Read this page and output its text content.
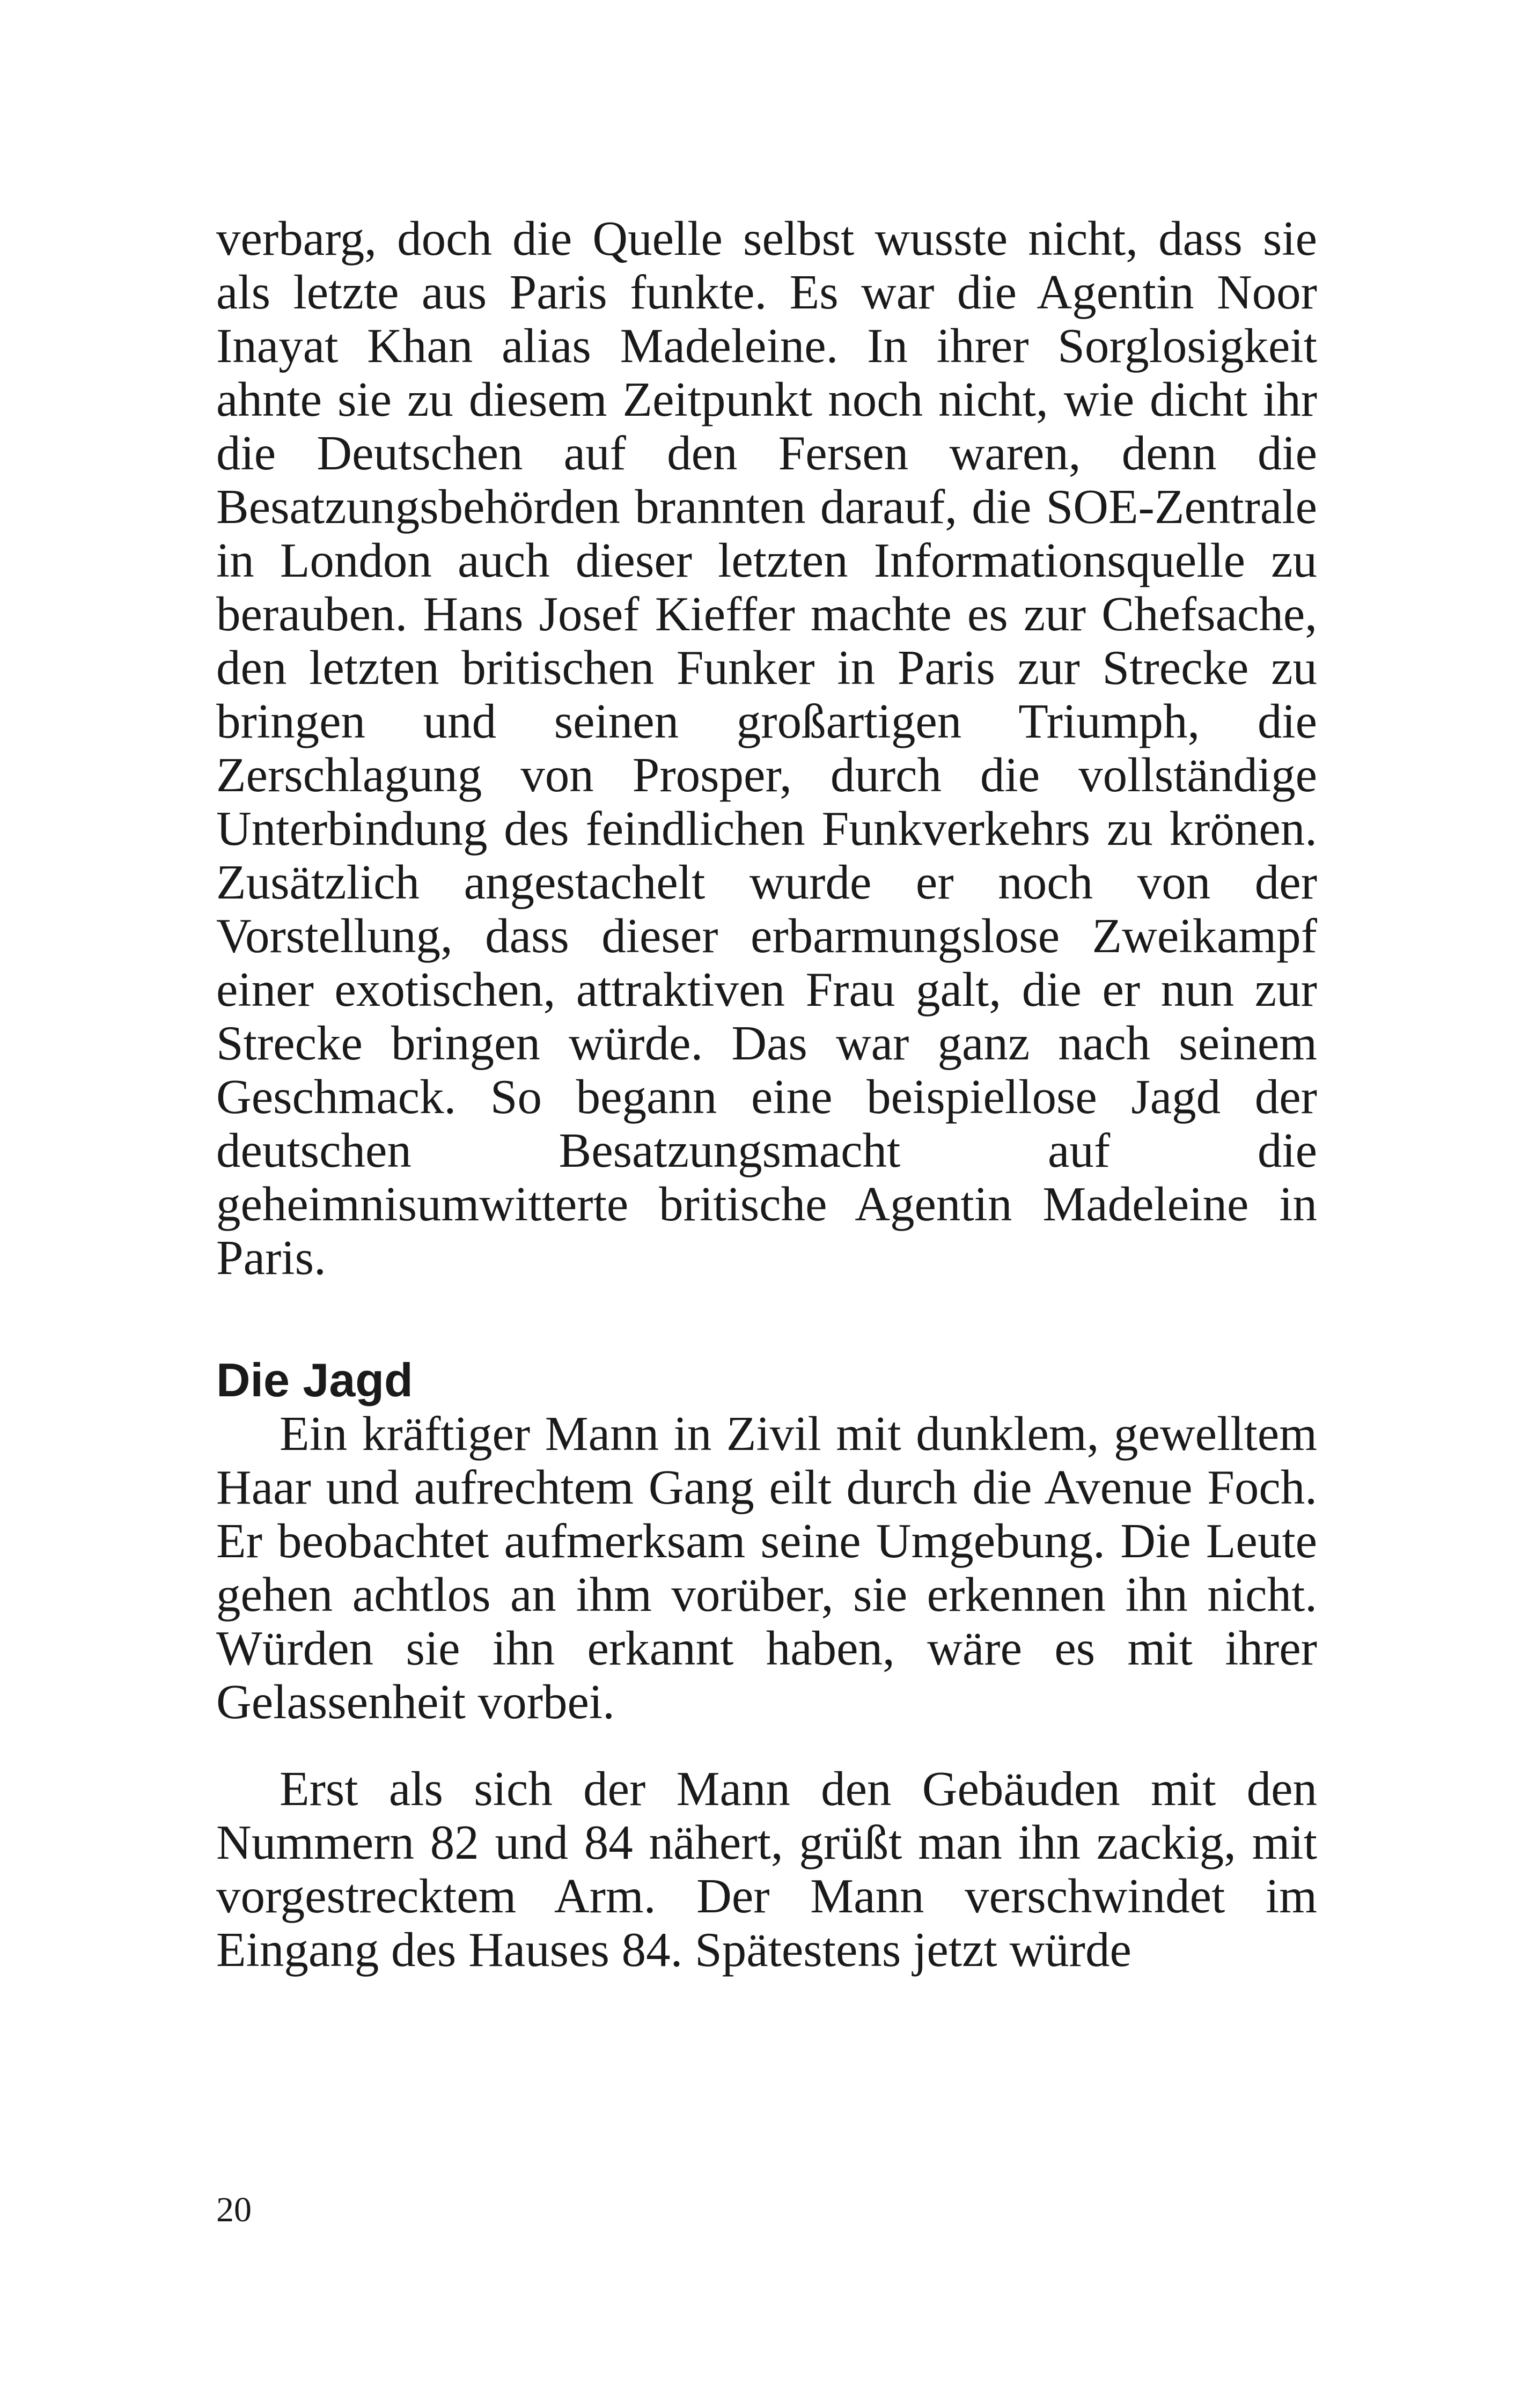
verbarg, doch die Quelle selbst wusste nicht, dass sie als letzte aus Paris funkte. Es war die Agentin Noor Inayat Khan alias Madeleine. In ihrer Sorglosigkeit ahnte sie zu diesem Zeitpunkt noch nicht, wie dicht ihr die Deutschen auf den Fersen waren, denn die Besatzungsbehörden brannten darauf, die SOE-Zentrale in London auch dieser letzten Informationsquelle zu berauben. Hans Josef Kieffer machte es zur Chefsache, den letzten britischen Funker in Paris zur Strecke zu bringen und seinen großartigen Triumph, die Zerschlagung von Prosper, durch die vollständige Unterbindung des feindlichen Funkverkehrs zu krönen. Zusätzlich angestachelt wurde er noch von der Vorstellung, dass dieser erbarmungslose Zweikampf einer exotischen, attraktiven Frau galt, die er nun zur Strecke bringen würde. Das war ganz nach seinem Geschmack. So begann eine beispiellose Jagd der deutschen Besatzungsmacht auf die geheimnisumwitterte britische Agentin Madeleine in Paris.

Die Jagd

Ein kräftiger Mann in Zivil mit dunklem, gewelltem Haar und aufrechtem Gang eilt durch die Avenue Foch. Er beobachtet aufmerksam seine Umgebung. Die Leute gehen achtlos an ihm vorüber, sie erkennen ihn nicht. Würden sie ihn erkannt haben, wäre es mit ihrer Gelassenheit vorbei.

Erst als sich der Mann den Gebäuden mit den Nummern 82 und 84 nähert, grüßt man ihn zackig, mit vorgestrecktem Arm. Der Mann verschwindet im Eingang des Hauses 84. Spätestens jetzt würde

20
